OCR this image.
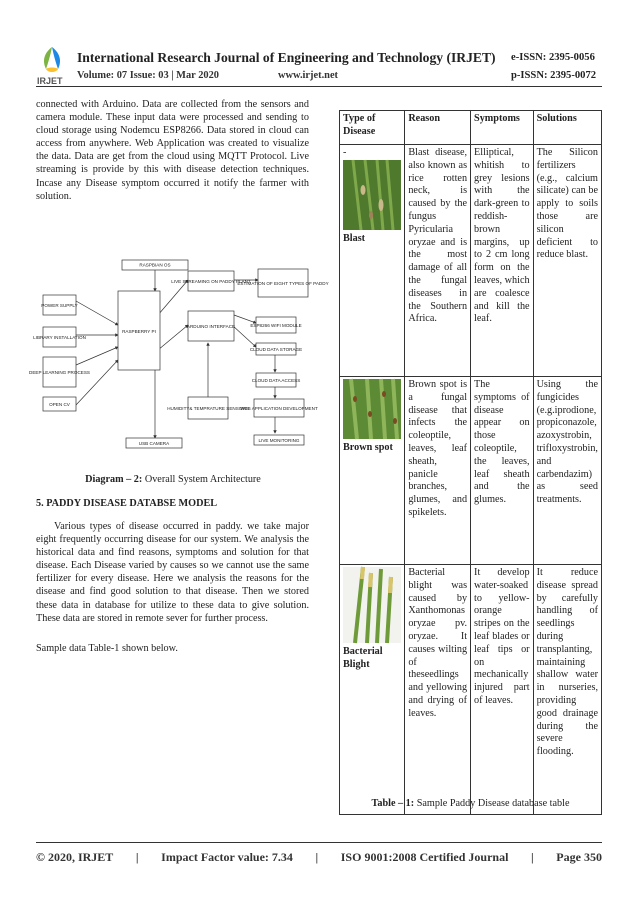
IRJET
International Research Journal of Engineering and Technology (IRJET) e-ISSN: 2395-0056
Volume: 07 Issue: 03 | Mar 2020	www.irjet.net	p-ISSN: 2395-0072

connected with Arduino. Data are collected from the sensors and camera module. These input data were processed and sending to cloud storage using Nodemcu ESP8266. Data stored in cloud can access from anywhere. Web Application was created to visualize the data. Data are get from the cloud using MQTT Protocol. Live streaming is provide by this with disease detection techniques. Incase any Disease symptom occurred it notify the farmer with solution.

RASPBIAN OS
POWER SUPPLY
LIBRARY INSTALLATION
DEEP LEARNING PROCESS
OPEN CV
RASPBERRY PI
LIVE STREAMING ON PADDY PLANT
ESTIMATION OF EIGHT TYPES OF PADDY
ARDUINO INTERFACE	ESP8266 WIFI MODULE
CLOUD DATA STORAGE
CLOUD DATA ACCESS
HUMIDITY& TEMPRATURE SENSORS
WEB APPLICATION DEVELOPMENT
USB CAMERA
LIVE MONITORING
Diagram – 2: Overall System Architecture
5. PADDY DISEASE DATABSE MODEL

Various types of disease occurred in paddy. we take major eight frequently occurring disease for our system. We analysis the historical data and find reasons, symptoms and solution for that disease. Each Disease varied by causes so we cannot use the same fertilizer for every disease. Here we analysis the reasons for the disease and find good solution to that disease. Then we stored these data in database for utilize to these data to give solution. These data are stored in remote sever for further process.

Sample data Table-1 shown below.
Type of Disease	Reason	Symptoms	Solutions
-
Blast	Blast disease, also known as rice rotten neck, is caused by the fungus Pyricularia oryzae and is the most damage of all the fungal diseases in the Southern Africa.	Elliptical, whitish to grey lesions with the dark-green to reddish-brown margins, up to 2 cm long form on the leaves, which are coalesce and kill the leaf.	The Silicon fertilizers (e.g., calcium silicate) can be apply to soils those are silicon deficient to reduce blast.

Brown spot	Brown spot is a fungal disease that infects the coleoptile, leaves, leaf sheath, panicle branches, glumes, and spikelets.	The symptoms of disease appear on those coleoptile, the leaves, leaf sheath and the glumes.	Using the fungicides (e.g.iprodione, propiconazole, azoxystrobin, trifloxystrobin, and carbendazim) as seed treatments.

Bacterial Blight	Bacterial blight was caused by Xanthomonas oryzae pv. oryzae. It causes wilting of theseedlings and yellowing and drying of leaves.	It develop water-soaked to yellow-orange stripes on the leaf blades or leaf tips or on mechanically injured part of leaves.	It reduce disease spread by carefully handling of seedlings during transplanting, maintaining shallow water in nurseries, providing good drainage during the severe flooding.
Table – 1: Sample Paddy Disease database table
© 2020, IRJET | Impact Factor value: 7.34 | ISO 9001:2008 Certified Journal | Page 350
